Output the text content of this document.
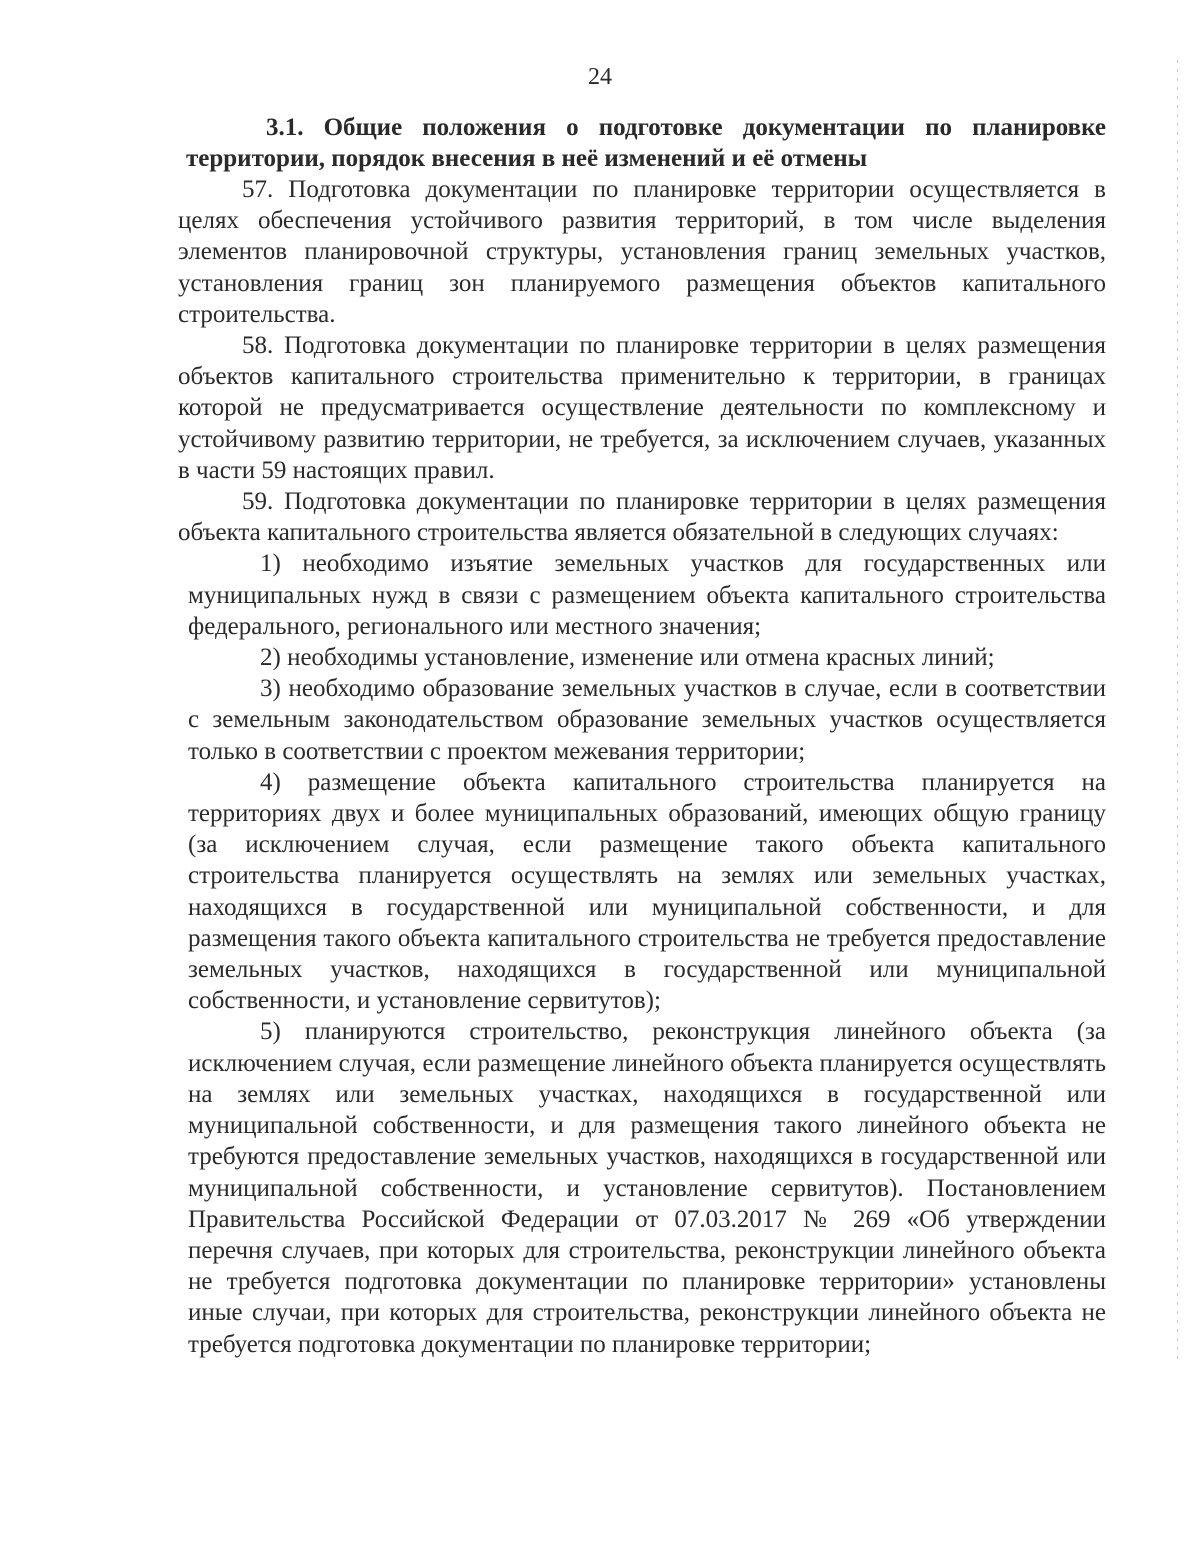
24
3.1. Общие положения о подготовке документации по планировке территории, порядок внесения в неё изменений и её отмены

57. Подготовка документации по планировке территории осуществляется в целях обеспечения устойчивого развития территорий, в том числе выделения элементов планировочной структуры, установления границ земельных участков, установления границ зон планируемого размещения объектов капитального строительства.

58. Подготовка документации по планировке территории в целях размещения объектов капитального строительства применительно к территории, в границах которой не предусматривается осуществление деятельности по комплексному и устойчивому развитию территории, не требуется, за исключением случаев, указанных в части 59 настоящих правил.

59. Подготовка документации по планировке территории в целях размещения объекта капитального строительства является обязательной в следующих случаях:

1) необходимо изъятие земельных участков для государственных или муниципальных нужд в связи с размещением объекта капитального строительства федерального, регионального или местного значения;

2) необходимы установление, изменение или отмена красных линий;

3) необходимо образование земельных участков в случае, если в соответствии с земельным законодательством образование земельных участков осуществляется только в соответствии с проектом межевания территории;

4) размещение объекта капитального строительства планируется на территориях двух и более муниципальных образований, имеющих общую границу (за исключением случая, если размещение такого объекта капитального строительства планируется осуществлять на землях или земельных участках, находящихся в государственной или муниципальной собственности, и для размещения такого объекта капитального строительства не требуется предоставление земельных участков, находящихся в государственной или муниципальной собственности, и установление сервитутов);

5) планируются строительство, реконструкция линейного объекта (за исключением случая, если размещение линейного объекта планируется осуществлять на землях или земельных участках, находящихся в государственной или муниципальной собственности, и для размещения такого линейного объекта не требуются предоставление земельных участков, находящихся в государственной или муниципальной собственности, и установление сервитутов). Постановлением Правительства Российской Федерации от 07.03.2017 № 269 «Об утверждении перечня случаев, при которых для строительства, реконструкции линейного объекта не требуется подготовка документации по планировке территории» установлены иные случаи, при которых для строительства, реконструкции линейного объекта не требуется подготовка документации по планировке территории;
